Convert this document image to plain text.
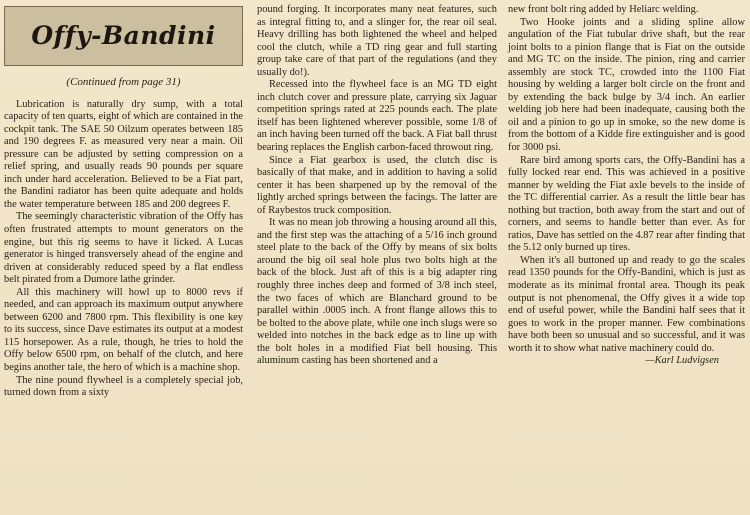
Offy-Bandini
(Continued from page 31)

Lubrication is naturally dry sump, with a total capacity of ten quarts, eight of which are contained in the cockpit tank. The SAE 50 Oilzum operates between 185 and 190 degrees F. as measured very near a main. Oil pressure can be adjusted by setting compression on a relief spring, and usually reads 90 pounds per square inch under hard acceleration. Believed to be a Fiat part, the Bandini radiator has been quite adequate and holds the water temperature between 185 and 200 degrees F.

The seemingly characteristic vibration of the Offy has often frustrated attempts to mount generators on the engine, but this rig seems to have it licked. A Lucas generator is hinged transversely ahead of the engine and driven at considerably reduced speed by a flat endless belt pirated from a Dumore lathe grinder.

All this machinery will howl up to 8000 revs if needed, and can approach its maximum output anywhere between 6200 and 7800 rpm. This flexibility is one key to its success, since Dave estimates its output at a modest 115 horsepower. As a rule, though, he tries to hold the Offy below 6500 rpm, on behalf of the clutch, and here begins another tale, the hero of which is a machine shop.

The nine pound flywheel is a completely special job, turned down from a sixty

pound forging. It incorporates many neat features, such as integral fitting to, and a slinger for, the rear oil seal. Heavy drilling has both lightened the wheel and helped cool the clutch, while a TD ring gear and full starting group take care of that part of the regulations (and they usually do!).

Recessed into the flywheel face is an MG TD eight inch clutch cover and pressure plate, carrying six Jaguar competition springs rated at 225 pounds each. The plate itself has been lightened wherever possible, some 1/8 of an inch having been turned off the back. A Fiat ball thrust bearing replaces the English carbon-faced throwout ring.

Since a Fiat gearbox is used, the clutch disc is basically of that make, and in addition to having a solid center it has been sharpened up by the removal of the lightly arched springs between the facings. The latter are of Raybestos truck composition.

It was no mean job throwing a housing around all this, and the first step was the attaching of a 5/16 inch ground steel plate to the back of the Offy by means of six bolts around the big oil seal hole plus two bolts high at the back of the block. Just aft of this is a big adapter ring roughly three inches deep and formed of 3/8 inch steel, the two faces of which are Blanchard ground to be parallel within .0005 inch. A front flange allows this to be bolted to the above plate, while one inch slugs were so welded into notches in the back edge as to line up with the bolt holes in a modified Fiat bell housing. This aluminum casting has been shortened and a

new front bolt ring added by Heliarc welding.

Two Hooke joints and a sliding spline allow angulation of the Fiat tubular drive shaft, but the rear joint bolts to a pinion flange that is Fiat on the outside and MG TC on the inside. The pinion, ring and carrier assembly are stock TC, crowded into the 1100 Fiat housing by welding a larger bolt circle on the front and by extending the back bulge by 3/4 inch. An earlier welding job here had been inadequate, causing both the oil and a pinion to go up in smoke, so the new dome is from the bottom of a Kidde fire extinguisher and is good for 3000 psi.

Rare bird among sports cars, the Offy-Bandini has a fully locked rear end. This was achieved in a positive manner by welding the Fiat axle bevels to the inside of the TC differential carrier. As a result the little bear has nothing but traction, both away from the start and out of corners, and seems to handle better than ever. As for ratios, Dave has settled on the 4.87 rear after finding that the 5.12 only burned up tires.

When it's all buttoned up and ready to go the scales read 1350 pounds for the Offy-Bandini, which is just as moderate as its minimal frontal area. Though its peak output is not phenomenal, the Offy gives it a wide top end of useful power, while the Bandini half sees that it goes to work in the proper manner. Few combinations have both been so unusual and so successful, and it was worth it to show what native machinery could do.

—Karl Ludvigsen
